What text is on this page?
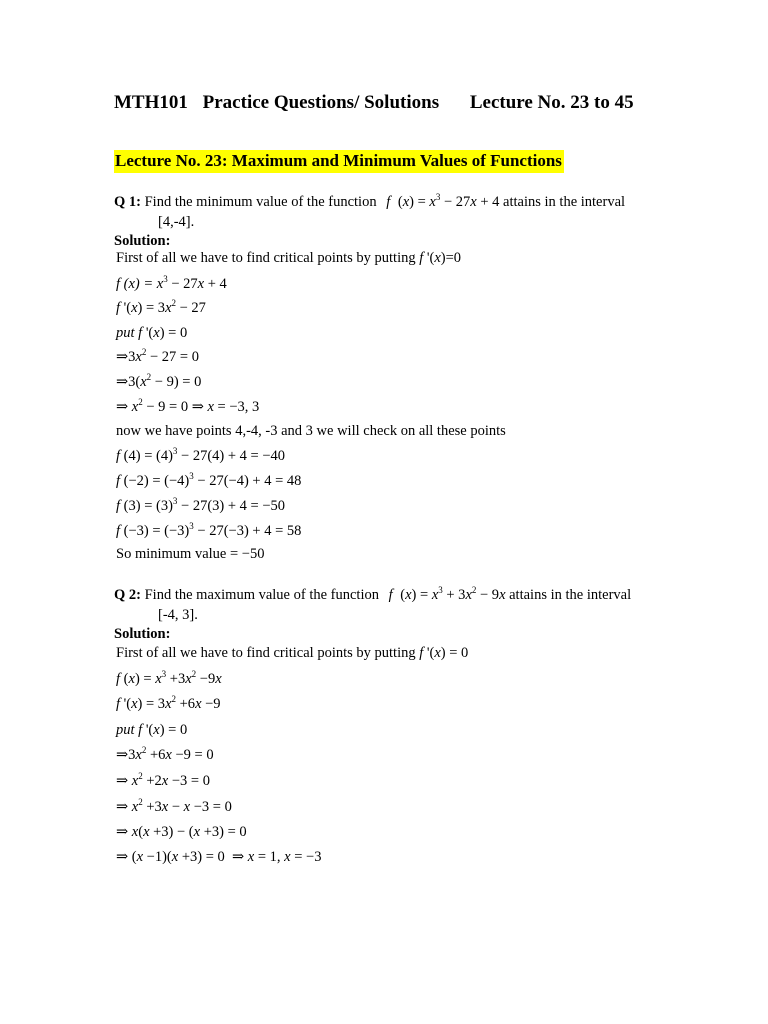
MTH101 Practice Questions/ Solutions Lecture No. 23 to 45
Lecture No. 23: Maximum and Minimum Values of Functions
Q 1: Find the minimum value of the function f $(x) = x^3 - 27x + 4$ attains in the interval
[4,-4].
Solution:
First of all we have to find critical points by putting f '(x)=0
f $(x) = x^3 - 27x + 4$
f '$(x) = 3x^2 - 27$
put f '(x) = 0
$\Rightarrow 3x^2 - 27 = 0$
$\Rightarrow 3(x^2 - 9) = 0$
⇒ $x^2 - 9 = 0$ ⇒ x = −3, 3
now we have points 4,-4, -3 and 3 we will check on all these points
f $(4) = (4)^3 - 27(4) + 4 = -40$
f $(-2) = (-4)^3 - 27(-4) + 4 = 48$
f $(3) = (3)^3 - 27(3) + 4 = -50$
f $(-3) = (-3)^3 - 27(-3) + 4 = 58$
So minimum value = −50
Q 2: Find the maximum value of the function f $(x) = x^3 + 3x^2 - 9x$ attains in the interval
[-4, 3].
Solution:
First of all we have to find critical points by putting f '(x) = 0
f $(x) = x^3 +3x^2 -9x$
f '$(x) = 3x^2 +6x -9$
put f '(x) = 0
$\Rightarrow 3x^2 +6x -9 = 0$
⇒ $x^2 +2x -3 = 0$
⇒ $x^2 +3x - x -3 = 0$
⇒ x(x +3) − (x +3) = 0
⇒ (x −1)(x +3) = 0  ⇒ x = 1, x = −3
